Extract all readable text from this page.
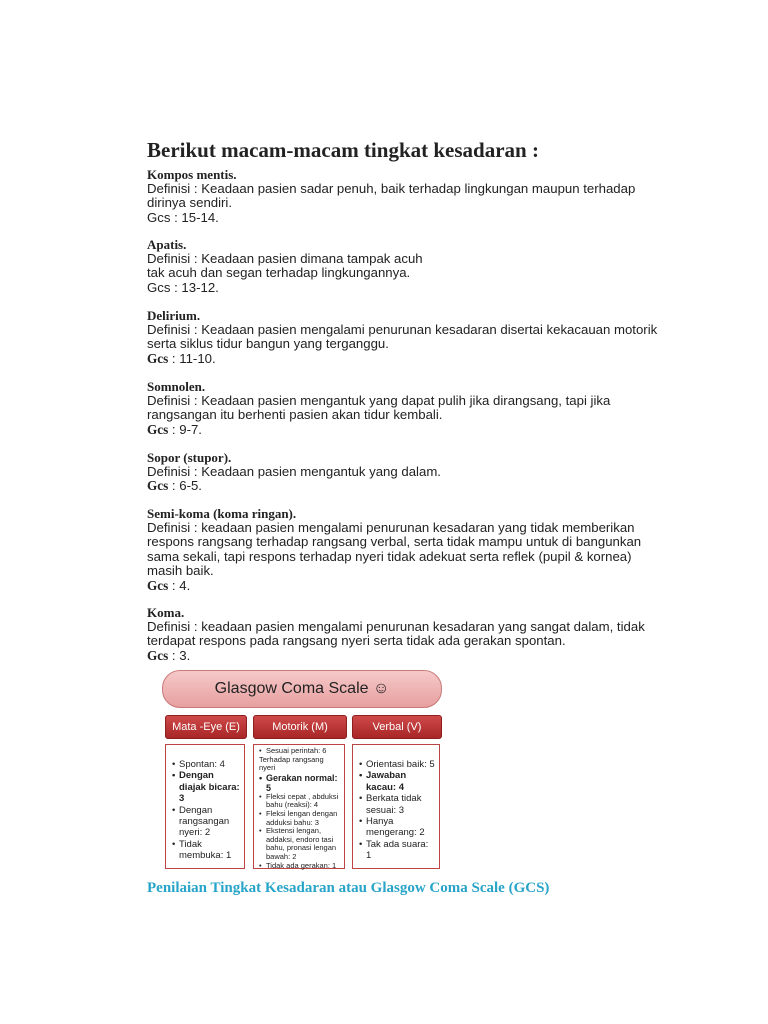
Berikut macam-macam tingkat kesadaran :

Kompos mentis.

Definisi : Keadaan pasien sadar penuh, baik terhadap lingkungan maupun terhadap

dirinya sendiri.

Gcs : 15-14.

Apatis.

Definisi : Keadaan pasien dimana tampak acuh

tak acuh dan segan terhadap lingkungannya.

Gcs : 13-12.

Delirium.

Definisi : Keadaan pasien mengalami penurunan kesadaran disertai kekacauan motorik

serta siklus tidur bangun yang terganggu.

Gcs : 11-10.

Somnolen.

Definisi : Keadaan pasien mengantuk yang dapat pulih jika dirangsang, tapi jika

rangsangan itu berhenti pasien akan tidur kembali.

Gcs : 9-7.

Sopor (stupor).

Definisi : Keadaan pasien mengantuk yang dalam.

Gcs : 6-5.

Semi-koma (koma ringan).

Definisi : keadaan pasien mengalami penurunan kesadaran yang tidak memberikan

respons rangsang terhadap rangsang verbal, serta tidak mampu untuk di bangunkan

sama sekali, tapi respons terhadap nyeri tidak adekuat serta reflek (pupil & kornea)

masih baik.

Gcs : 4.

Koma.

Definisi : keadaan pasien mengalami penurunan kesadaran yang sangat dalam, tidak

terdapat respons pada rangsang nyeri serta tidak ada gerakan spontan.

Gcs : 3.

Glasgow Coma Scale
☺
Mata -Eye (E)	Motorik (M)	Verbal (V)
• Spontan: 4
• Dengan diajak bicara: 3
• Dengan rangsangan nyeri: 2
• Tidak membuka: 1
• Sesuai perintah: 6
Terhadap rangsang nyeri
• Gerakan normal: 5
• Fleksi cepat , abduksi bahu (reaksi): 4
• Fleksi lengan dengan adduksi bahu: 3
• Ekstensi lengan, addaksi, endoro tasi bahu, pronasi lengan bawah: 2
• Tidak ada gerakan: 1
• Orientasi baik: 5
• Jawaban kacau: 4
• Berkata tidak sesuai: 3
• Hanya mengerang: 2
• Tak ada suara: 1

Penilaian Tingkat Kesadaran atau Glasgow Coma Scale (GCS)
